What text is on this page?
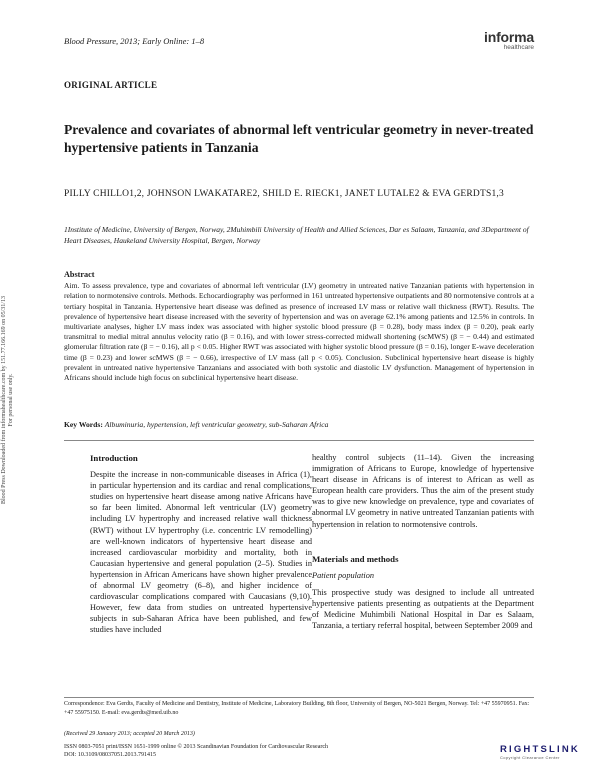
Blood Pressure, 2013; Early Online: 1–8	informa
healthcare
ORIGINAL ARTICLE
Prevalence and covariates of abnormal left ventricular geometry in never-treated hypertensive patients in Tanzania
PILLY CHILLO1,2, JOHNSON LWAKATARE2, SHILD E. RIECK1, JANET LUTALE2 & EVA GERDTS1,3
1Institute of Medicine, University of Bergen, Norway, 2Muhimbili University of Health and Allied Sciences, Dar es Salaam, Tanzania, and 3Department of Heart Diseases, Haukeland University Hospital, Bergen, Norway
Blood Press Downloaded from informahealthcare.com by 151.77.166.169 on 05/31/13 For personal use only.
Abstract
Aim. To assess prevalence, type and covariates of abnormal left ventricular (LV) geometry in untreated native Tanzanian patients with hypertension in relation to normotensive controls. Methods. Echocardiography was performed in 161 untreated hypertensive outpatients and 80 normotensive controls at a tertiary hospital in Tanzania. Hypertensive heart disease was defined as presence of increased LV mass or relative wall thickness (RWT). Results. The prevalence of hypertensive heart disease increased with the severity of hypertension and was on average 62.1% among patients and 12.5% in controls. In multivariate analyses, higher LV mass index was associated with higher systolic blood pressure (β = 0.28), body mass index (β = 0.20), peak early transmitral to medial mitral annulus velocity ratio (β = 0.16), and with lower stress-corrected midwall shortening (scMWS) (β = − 0.44) and estimated glomerular filtration rate (β = − 0.16), all p < 0.05. Higher RWT was associated with higher systolic blood pressure (β = 0.16), longer E-wave deceleration time (β = 0.23) and lower scMWS (β = − 0.66), irrespective of LV mass (all p < 0.05). Conclusion. Subclinical hypertensive heart disease is highly prevalent in untreated native hypertensive Tanzanians and associated with both systolic and diastolic LV dysfunction. Management of hypertension in Africans should include high focus on subclinical hypertensive heart disease.
Key Words: Albuminuria, hypertension, left ventricular geometry, sub-Saharan Africa
Introduction
Despite the increase in non-communicable diseases in Africa (1), in particular hypertension and its cardiac and renal complications, studies on hypertensive heart disease among native Africans have so far been limited. Abnormal left ventricular (LV) geometry including LV hypertrophy and increased relative wall thickness (RWT) without LV hypertrophy (i.e. concentric LV remodelling) are well-known indicators of hypertensive heart disease and increased cardiovascular morbidity and mortality, both in Caucasian hypertensive and general population (2–5). Studies in hypertension in African Americans have shown higher prevalence of abnormal LV geometry (6–8), and higher incidence of cardiovascular complications compared with Caucasians (9,10). However, few data from studies on untreated hypertensive subjects in sub-Saharan Africa have been published, and few studies have included
healthy control subjects (11–14). Given the increasing immigration of Africans to Europe, knowledge of hypertensive heart disease in Africans is of interest to African as well as European health care providers. Thus the aim of the present study was to give new knowledge on prevalence, type and covariates of abnormal LV geometry in native untreated Tanzanian patients with hypertension in relation to normotensive controls.
Materials and methods
Patient population
This prospective study was designed to include all untreated hypertensive patients presenting as outpatients at the Department of Medicine Muhimbili National Hospital in Dar es Salaam, Tanzania, a tertiary referral hospital, between September 2009 and
Correspondence: Eva Gerdts, Faculty of Medicine and Dentistry, Institute of Medicine, Laboratory Building, 8th floor, University of Bergen, NO-5021 Bergen, Norway. Tel: +47 55970951. Fax: +47 55975150. E-mail: eva.gerdts@med.uib.no
(Received 29 January 2013; accepted 20 March 2013)
ISSN 0803-7051 print/ISSN 1651-1999 online © 2013 Scandinavian Foundation for Cardiovascular Research
DOI: 10.3109/08037051.2013.791415	RIGHTSLINK
Copyright Clearance Center
